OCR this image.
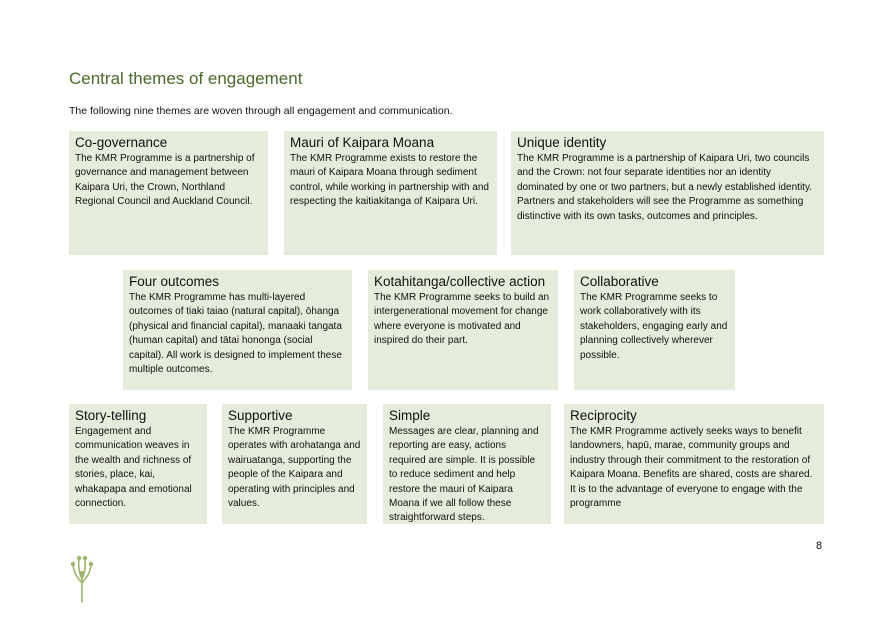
Central themes of engagement
The following nine themes are woven through all engagement and communication.
Co-governance

The KMR Programme is a partnership of governance and management between Kaipara Uri, the Crown, Northland Regional Council and Auckland Council.

Mauri of Kaipara Moana

The KMR Programme exists to restore the mauri of Kaipara Moana through sediment control, while working in partnership with and respecting the kaitiakitanga of Kaipara Uri.

Unique identity

The KMR Programme is a partnership of Kaipara Uri, two councils and the Crown: not four separate identities nor an identity dominated by one or two partners, but a newly established identity. Partners and stakeholders will see the Programme as something distinctive with its own tasks, outcomes and principles.

Four outcomes

The KMR Programme has multi-layered outcomes of tiaki taiao (natural capital), ōhanga (physical and financial capital), manaaki tangata (human capital) and tātai hononga (social capital). All work is designed to implement these multiple outcomes.

Kotahitanga/collective action

The KMR Programme seeks to build an intergenerational movement for change where everyone is motivated and inspired do their part.

Collaborative

The KMR Programme seeks to work collaboratively with its stakeholders, engaging early and planning collectively wherever possible.

Story-telling

Engagement and communication weaves in the wealth and richness of stories, place, kai, whakapapa and emotional connection.

Supportive

The KMR Programme operates with arohatanga and wairuatanga, supporting the people of the Kaipara and operating with principles and values.

Simple

Messages are clear, planning and reporting are easy, actions required are simple. It is possible to reduce sediment and help restore the mauri of Kaipara Moana if we all follow these straightforward steps.

Reciprocity

The KMR Programme actively seeks ways to benefit landowners, hapū, marae, community groups and industry through their commitment to the restoration of Kaipara Moana. Benefits are shared, costs are shared. It is to the advantage of everyone to engage with the programme

8
